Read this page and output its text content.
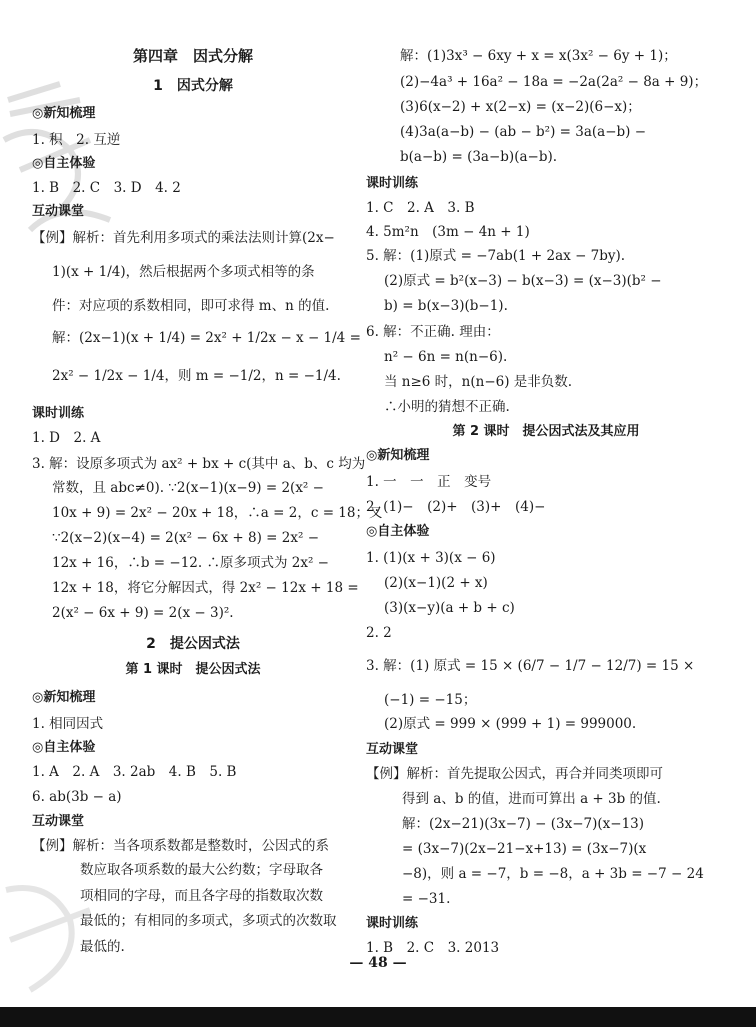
第四章　因式分解
1　因式分解
◎新知梳理
1. 积　2. 互逆
◎自主体验
1. B　2. C　3. D　4. 2
互动课堂
【例】解析：首先利用多项式的乘法法则计算(2x−
1)(x + 1/4)，然后根据两个多项式相等的条
件：对应项的系数相同，即可求得 m、n 的值.
解：(2x−1)(x + 1/4) = 2x² + 1/2x − x − 1/4 =
2x² − 1/2x − 1/4，则 m = −1/2，n = −1/4.
课时训练
1. D　2. A
3. 解：设原多项式为 ax² + bx + c(其中 a、b、c 均为
常数，且 abc≠0). ∵2(x−1)(x−9) = 2(x² −
10x + 9) = 2x² − 20x + 18，∴a = 2，c = 18；又
∵2(x−2)(x−4) = 2(x² − 6x + 8) = 2x² −
12x + 16，∴b = −12. ∴原多项式为 2x² −
12x + 18，将它分解因式，得 2x² − 12x + 18 =
2(x² − 6x + 9) = 2(x − 3)².
2　提公因式法
第 1 课时　提公因式法
◎新知梳理
1. 相同因式
◎自主体验
1. A　2. A　3. 2ab　4. B　5. B
6. ab(3b − a)
互动课堂
【例】解析：当各项系数都是整数时，公因式的系
数应取各项系数的最大公约数；字母取各
项相同的字母，而且各字母的指数取次数
最低的；有相同的多项式，多项式的次数取
最低的.
解：(1)3x³ − 6xy + x = x(3x² − 6y + 1)；
(2)−4a³ + 16a² − 18a = −2a(2a² − 8a + 9)；
(3)6(x−2) + x(2−x) = (x−2)(6−x)；
(4)3a(a−b) − (ab − b²) = 3a(a−b) −
b(a−b) = (3a−b)(a−b).
课时训练
1. C　2. A　3. B
4. 5m²n　(3m − 4n + 1)
5. 解：(1)原式 = −7ab(1 + 2ax − 7by).
(2)原式 = b²(x−3) − b(x−3) = (x−3)(b² −
b) = b(x−3)(b−1).
6. 解：不正确. 理由：
n² − 6n = n(n−6).
当 n≥6 时，n(n−6) 是非负数.
∴小明的猜想不正确.
第 2 课时　提公因式法及其应用
◎新知梳理
1. 一　一　正　变号
2. (1)−　(2)+　(3)+　(4)−
◎自主体验
1. (1)(x + 3)(x − 6)
(2)(x−1)(2 + x)
(3)(x−y)(a + b + c)
2. 2
3. 解：(1) 原式 = 15 × (6/7 − 1/7 − 12/7) = 15 ×
(−1) = −15；
(2)原式 = 999 × (999 + 1) = 999000.
互动课堂
【例】解析：首先提取公因式，再合并同类项即可
得到 a、b 的值，进而可算出 a + 3b 的值.
解：(2x−21)(3x−7) − (3x−7)(x−13)
= (3x−7)(2x−21−x+13) = (3x−7)(x
−8)，则 a = −7，b = −8，a + 3b = −7 − 24
= −31.
课时训练
1. B　2. C　3. 2013
— 48 —
